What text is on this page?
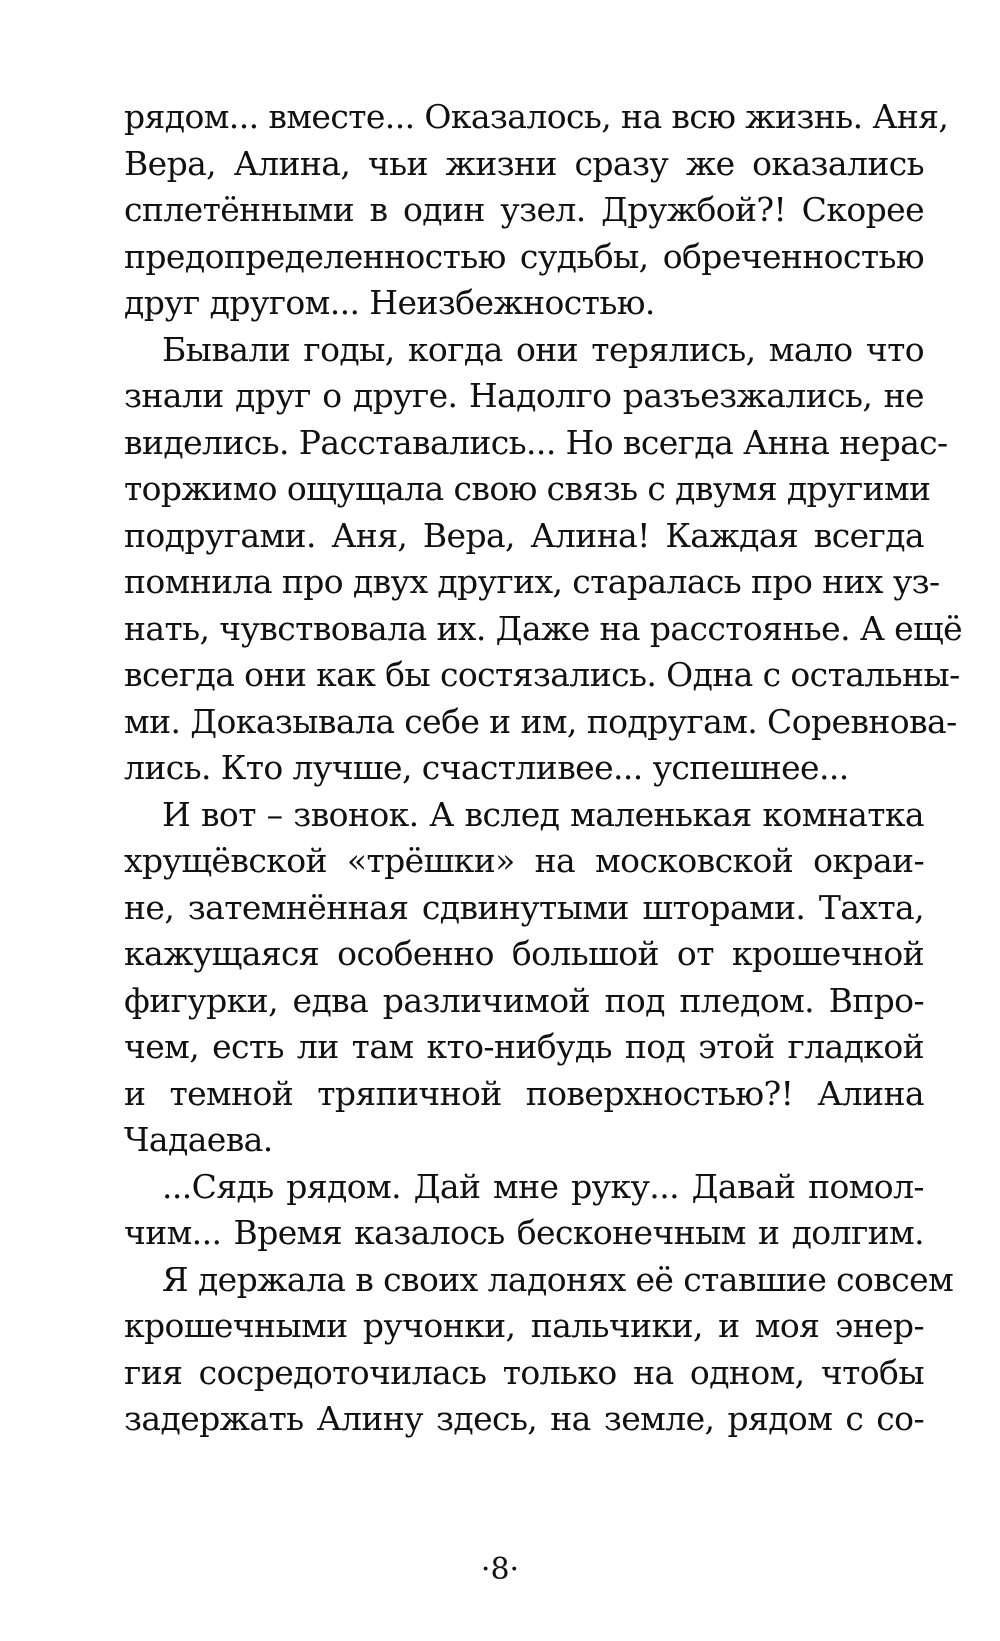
рядом... вместе... Оказалось, на всю жизнь. Аня,
Вера, Алина, чьи жизни сразу же оказались
сплетёнными в один узел. Дружбой?! Скорее
предопределенностью судьбы, обреченностью
друг другом... Неизбежностью.
Бывали годы, когда они терялись, мало что
знали друг о друге. Надолго разъезжались, не
виделись. Расставались... Но всегда Анна нерас-
торжимо ощущала свою связь с двумя другими
подругами. Аня, Вера, Алина! Каждая всегда
помнила про двух других, старалась про них уз-
нать, чувствовала их. Даже на расстоянье. А ещё
всегда они как бы состязались. Одна с остальны-
ми. Доказывала себе и им, подругам. Соревнова-
лись. Кто лучше, счастливее... успешнее...
И вот – звонок. А вслед маленькая комнатка
хрущёвской «трёшки» на московской окраи-
не, затемнённая сдвинутыми шторами. Тахта,
кажущаяся особенно большой от крошечной
фигурки, едва различимой под пледом. Впро-
чем, есть ли там кто-нибудь под этой гладкой
и темной тряпичной поверхностью?! Алина
Чадаева.
...Сядь рядом. Дай мне руку... Давай помол-
чим... Время казалось бесконечным и долгим.
Я держала в своих ладонях её ставшие совсем
крошечными ручонки, пальчики, и моя энер-
гия сосредоточилась только на одном, чтобы
задержать Алину здесь, на земле, рядом с со-
·8·
